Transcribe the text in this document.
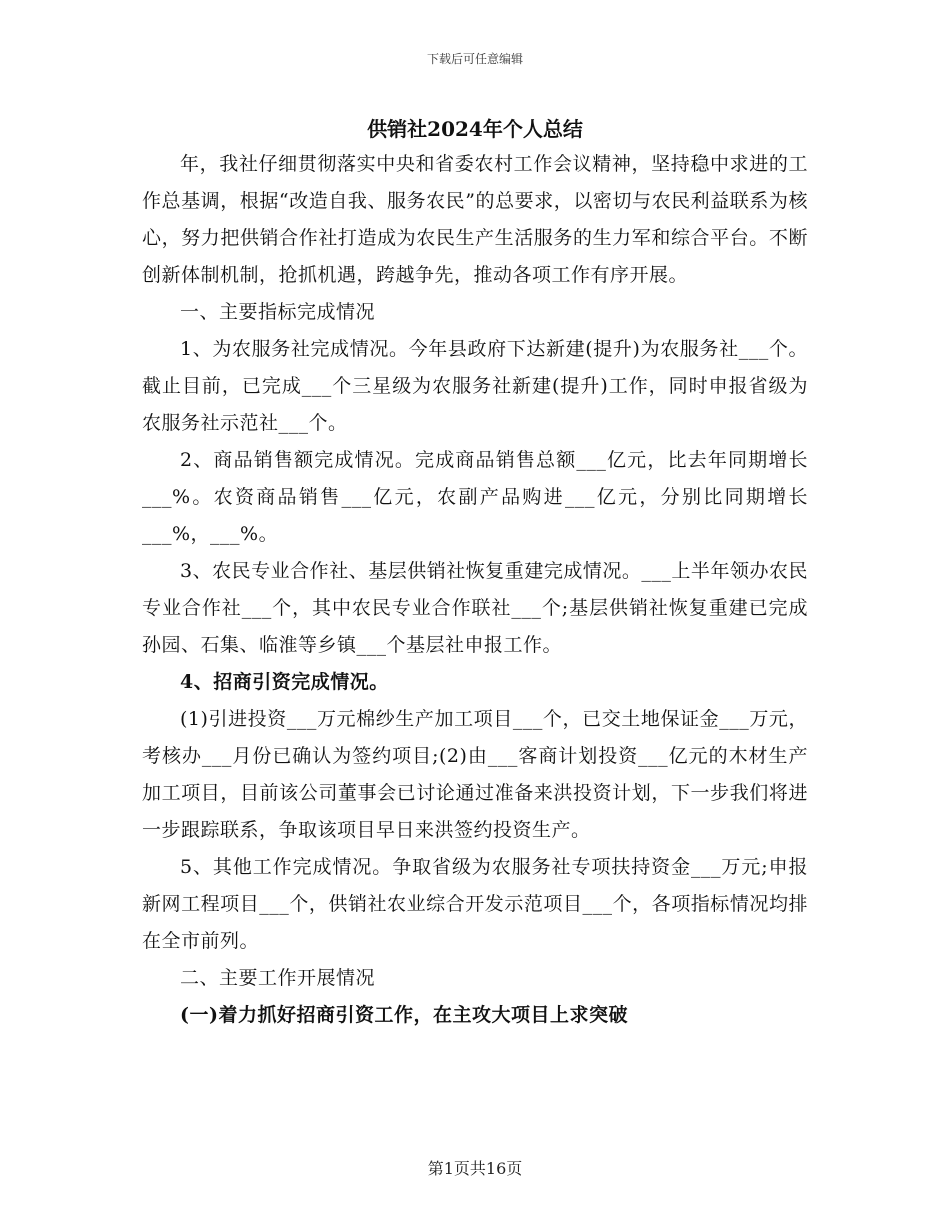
下载后可任意编辑
供销社2024年个人总结

年，我社仔细贯彻落实中央和省委农村工作会议精神，坚持稳中求进的工作总基调，根据“改造自我、服务农民”的总要求，以密切与农民利益联系为核心，努力把供销合作社打造成为农民生产生活服务的生力军和综合平台。不断创新体制机制，抢抓机遇，跨越争先，推动各项工作有序开展。

一、主要指标完成情况

1、为农服务社完成情况。今年县政府下达新建(提升)为农服务社___个。截止目前，已完成___个三星级为农服务社新建(提升)工作，同时申报省级为农服务社示范社___个。

2、商品销售额完成情况。完成商品销售总额___亿元，比去年同期增长___%。农资商品销售___亿元，农副产品购进___亿元，分别比同期增长___%，___%。

3、农民专业合作社、基层供销社恢复重建完成情况。___上半年领办农民专业合作社___个，其中农民专业合作联社___个;基层供销社恢复重建已完成孙园、石集、临淮等乡镇___个基层社申报工作。

4、招商引资完成情况。

(1)引进投资___万元棉纱生产加工项目___个，已交土地保证金___万元，考核办___月份已确认为签约项目;(2)由___客商计划投资___亿元的木材生产加工项目，目前该公司董事会已讨论通过准备来洪投资计划，下一步我们将进一步跟踪联系，争取该项目早日来洪签约投资生产。

5、其他工作完成情况。争取省级为农服务社专项扶持资金___万元;申报新网工程项目___个，供销社农业综合开发示范项目___个，各项指标情况均排在全市前列。

二、主要工作开展情况

(一)着力抓好招商引资工作，在主攻大项目上求突破

第1页共16页
